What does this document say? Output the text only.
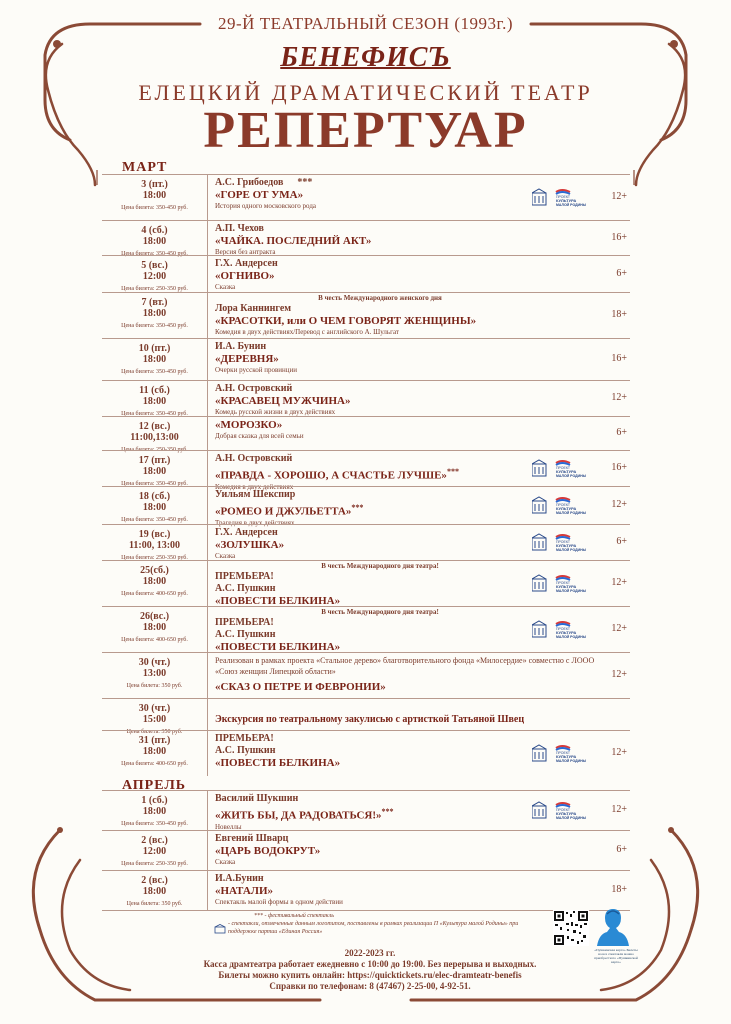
29-Й ТЕАТРАЛЬНЫЙ СЕЗОН (1993г.)
БЕНЕФИСЪ
ЕЛЕЦКИЙ ДРАМАТИЧЕСКИЙ ТЕАТР
РЕПЕРТУАР
МАРТ
АПРЕЛЬ
3 (пт.)
18:00
Цена билета: 350-450 руб.
А.С. Грибоедов ***
«ГОРЕ ОТ УМА»
История одного московского рода
12+
ПРОЕКТ
КУЛЬТУРА
МАЛОЙ РОДИНЫ
4 (сб.)
18:00
Цена билета: 350-450 руб.
А.П. Чехов
«ЧАЙКА. ПОСЛЕДНИЙ АКТ»
Версия без антракта
16+
5 (вс.)
12:00
Цена билета: 250-350 руб.
Г.Х. Андерсен
«ОГНИВО»
Сказка
6+
7 (вт.)
18:00
Цена билета: 350-450 руб.
В честь Международного женского дня
Лора Каннингем
«КРАСОТКИ, или О ЧЕМ ГОВОРЯТ ЖЕНЩИНЫ»
Комедия в двух действиях/Перевод с английского А. Шульгат
18+
10 (пт.)
18:00
Цена билета: 350-450 руб.
И.А. Бунин
«ДЕРЕВНЯ»
Очерки русской провинции
16+
11 (сб.)
18:00
Цена билета: 350-450 руб.
А.Н. Островский
«КРАСАВЕЦ МУЖЧИНА»
Комедь русской жизни в двух действиях
12+
12 (вс.)
11:00,13:00
Цена билета: 250-350 руб.
«МОРОЗКО»
Добрая сказка для всей семьи	6+
17 (пт.)
18:00
Цена билета: 350-450 руб.
А.Н. Островский
«ПРАВДА - ХОРОШО, А СЧАСТЬЕ ЛУЧШЕ»***
Комедия в двух действиях
16+
ПРОЕКТ
КУЛЬТУРА
МАЛОЙ РОДИНЫ
18 (сб.)
18:00
Цена билета: 350-450 руб.
Уильям Шекспир
«РОМЕО И ДЖУЛЬЕТТА»***
Трагедия в двух действиях
12+
ПРОЕКТ
КУЛЬТУРА
МАЛОЙ РОДИНЫ
19 (вс.)
11:00, 13:00
Цена билета: 250-350 руб.
Г.Х. Андерсен
«ЗОЛУШКА»
Сказка
6+
ПРОЕКТ
КУЛЬТУРА
МАЛОЙ РОДИНЫ
25(сб.)
18:00
Цена билета: 400-650 руб.
В честь Международного дня театра!
ПРЕМЬЕРА!
А.С. Пушкин
«ПОВЕСТИ БЕЛКИНА»
12+
ПРОЕКТ
КУЛЬТУРА
МАЛОЙ РОДИНЫ
26(вс.)
18:00
Цена билета: 400-650 руб.
В честь Международного дня театра!
ПРЕМЬЕРА!
А.С. Пушкин
«ПОВЕСТИ БЕЛКИНА»
12+
ПРОЕКТ
КУЛЬТУРА
МАЛОЙ РОДИНЫ
30 (чт.)
13:00
Цена билета: 350 руб.
Реализован в рамках проекта «Стальное дерево» благотворительного фонда «Милосердие» совместно с ЛООО «Союз женщин Липецкой области»
«СКАЗ О ПЕТРЕ И ФЕВРОНИИ»
12+
30 (чт.)
15:00
Цена билета: 350 руб.
Экскурсия по театральному закулисью с артисткой Татьяной Швец
31 (пт.)
18:00
Цена билета: 400-650 руб.
ПРЕМЬЕРА!
А.С. Пушкин
«ПОВЕСТИ БЕЛКИНА»
12+
ПРОЕКТ
КУЛЬТУРА
МАЛОЙ РОДИНЫ
1 (сб.)
18:00
Цена билета: 350-450 руб.
Василий Шукшин
«ЖИТЬ БЫ, ДА РАДОВАТЬСЯ!»***
Новеллы
12+
ПРОЕКТ
КУЛЬТУРА
МАЛОЙ РОДИНЫ
2 (вс.)
12:00
Цена билета: 250-350 руб.
Евгений Шварц
«ЦАРЬ ВОДОКРУТ»
Сказка
6+
2 (вс.)
18:00
Цена билета: 350 руб.
И.А.Бунин
«НАТАЛИ»
Спектакль малой формы в одном действии
18+
*** - фестивальный спектакль
- спектакли, отмеченные данным логотипом, поставлены в рамках реализации П «Культура малой Родины» при поддержке партии «Единая Россия»
«Пушкинская карта» Билеты на все спектакли можно приобрести по «Пушкинской карте»
2022-2023 гг.
Касса драмтеатра работает ежедневно с 10:00 до 19:00. Без перерыва и выходных.
Билеты можно купить онлайн: https://quicktickets.ru/elec-dramteatr-benefis
Справки по телефонам: 8 (47467) 2-25-00, 4-92-51.
